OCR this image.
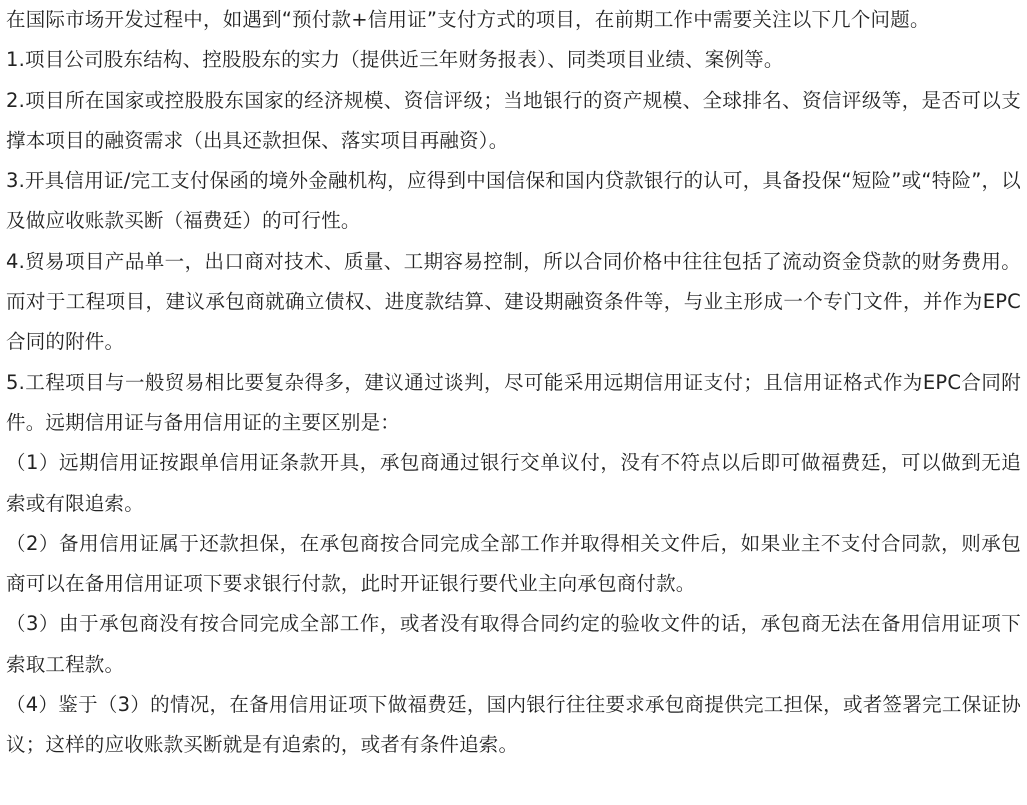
在国际市场开发过程中，如遇到“预付款+信用证”支付方式的项目，在前期工作中需要关注以下几个问题。

1.项目公司股东结构、控股股东的实力（提供近三年财务报表）、同类项目业绩、案例等。

2.项目所在国家或控股股东国家的经济规模、资信评级；当地银行的资产规模、全球排名、资信评级等，是否可以支撑本项目的融资需求（出具还款担保、落实项目再融资）。

3.开具信用证/完工支付保函的境外金融机构，应得到中国信保和国内贷款银行的认可，具备投保“短险”或“特险”，以及做应收账款买断（福费廷）的可行性。

4.贸易项目产品单一，出口商对技术、质量、工期容易控制，所以合同价格中往往包括了流动资金贷款的财务费用。而对于工程项目，建议承包商就确立债权、进度款结算、建设期融资条件等，与业主形成一个专门文件，并作为EPC合同的附件。

5.工程项目与一般贸易相比要复杂得多，建议通过谈判，尽可能采用远期信用证支付；且信用证格式作为EPC合同附件。远期信用证与备用信用证的主要区别是：

（1）远期信用证按跟单信用证条款开具，承包商通过银行交单议付，没有不符点以后即可做福费廷，可以做到无追索或有限追索。

（2）备用信用证属于还款担保，在承包商按合同完成全部工作并取得相关文件后，如果业主不支付合同款，则承包商可以在备用信用证项下要求银行付款，此时开证银行要代业主向承包商付款。

（3）由于承包商没有按合同完成全部工作，或者没有取得合同约定的验收文件的话，承包商无法在备用信用证项下索取工程款。

（4）鉴于（3）的情况，在备用信用证项下做福费廷，国内银行往往要求承包商提供完工担保，或者签署完工保证协议；这样的应收账款买断就是有追索的，或者有条件追索。
